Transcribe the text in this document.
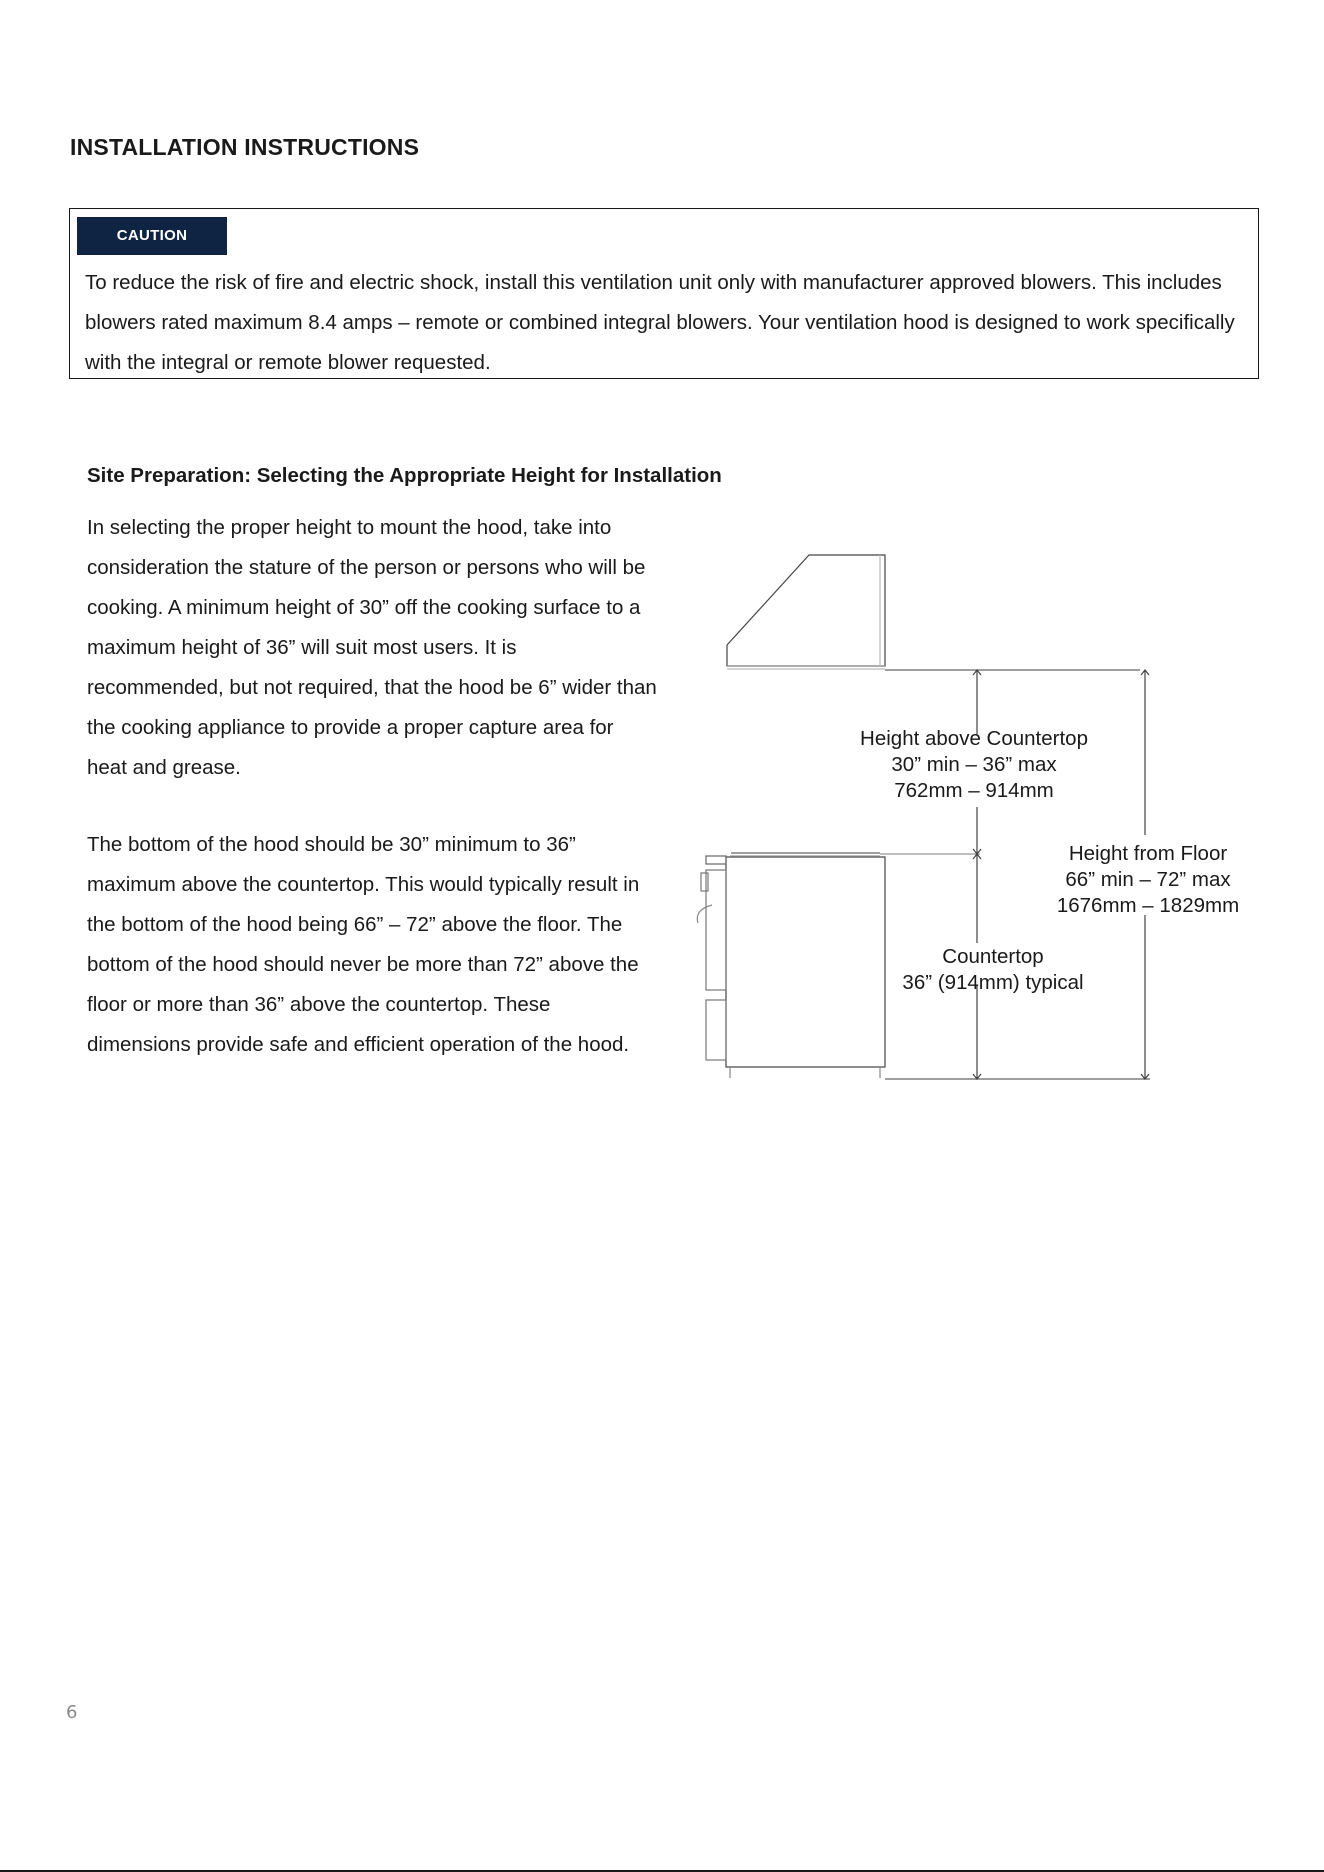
INSTALLATION INSTRUCTIONS
CAUTION

To reduce the risk of fire and electric shock, install this ventilation unit only with manufacturer approved blowers. This includes blowers rated maximum 8.4 amps – remote or combined integral blowers. Your ventilation hood is designed to work specifically with the integral or remote blower requested.

Site Preparation: Selecting the Appropriate Height for Installation

In selecting the proper height to mount the hood, take into consideration the stature of the person or persons who will be cooking. A minimum height of 30” off the cooking surface to a maximum height of 36” will suit most users. It is recommended, but not required, that the hood be 6” wider than the cooking appliance to provide a proper capture area for heat and grease.

The bottom of the hood should be 30” minimum to 36” maximum above the countertop. This would typically result in the bottom of the hood being 66” – 72” above the floor. The bottom of the hood should never be more than 72” above the floor or more than 36” above the countertop. These dimensions provide safe and efficient operation of the hood.

Height above Countertop
30” min – 36” max
762mm – 914mm
Height from Floor
66” min – 72” max
1676mm – 1829mm
Countertop
36” (914mm) typical
6
